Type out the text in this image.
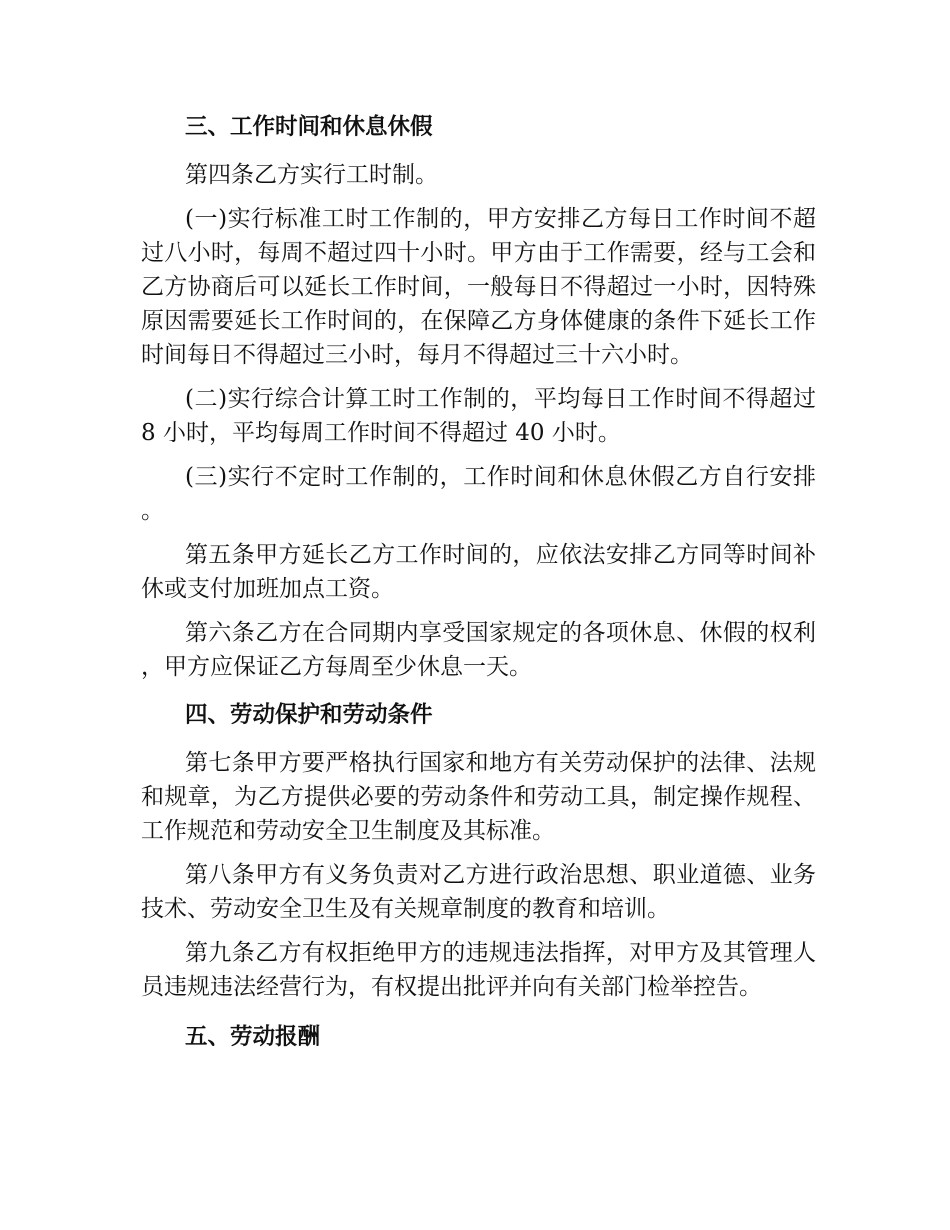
三、工作时间和休息休假

第四条乙方实行工时制。

(一)实行标准工时工作制的，甲方安排乙方每日工作时间不超过八小时，每周不超过四十小时。甲方由于工作需要，经与工会和乙方协商后可以延长工作时间，一般每日不得超过一小时，因特殊原因需要延长工作时间的，在保障乙方身体健康的条件下延长工作时间每日不得超过三小时，每月不得超过三十六小时。

(二)实行综合计算工时工作制的，平均每日工作时间不得超过 8 小时，平均每周工作时间不得超过 40 小时。

(三)实行不定时工作制的，工作时间和休息休假乙方自行安排。

第五条甲方延长乙方工作时间的，应依法安排乙方同等时间补休或支付加班加点工资。

第六条乙方在合同期内享受国家规定的各项休息、休假的权利，甲方应保证乙方每周至少休息一天。

四、劳动保护和劳动条件

第七条甲方要严格执行国家和地方有关劳动保护的法律、法规和规章，为乙方提供必要的劳动条件和劳动工具，制定操作规程、工作规范和劳动安全卫生制度及其标准。

第八条甲方有义务负责对乙方进行政治思想、职业道德、业务技术、劳动安全卫生及有关规章制度的教育和培训。

第九条乙方有权拒绝甲方的违规违法指挥，对甲方及其管理人员违规违法经营行为，有权提出批评并向有关部门检举控告。

五、劳动报酬
